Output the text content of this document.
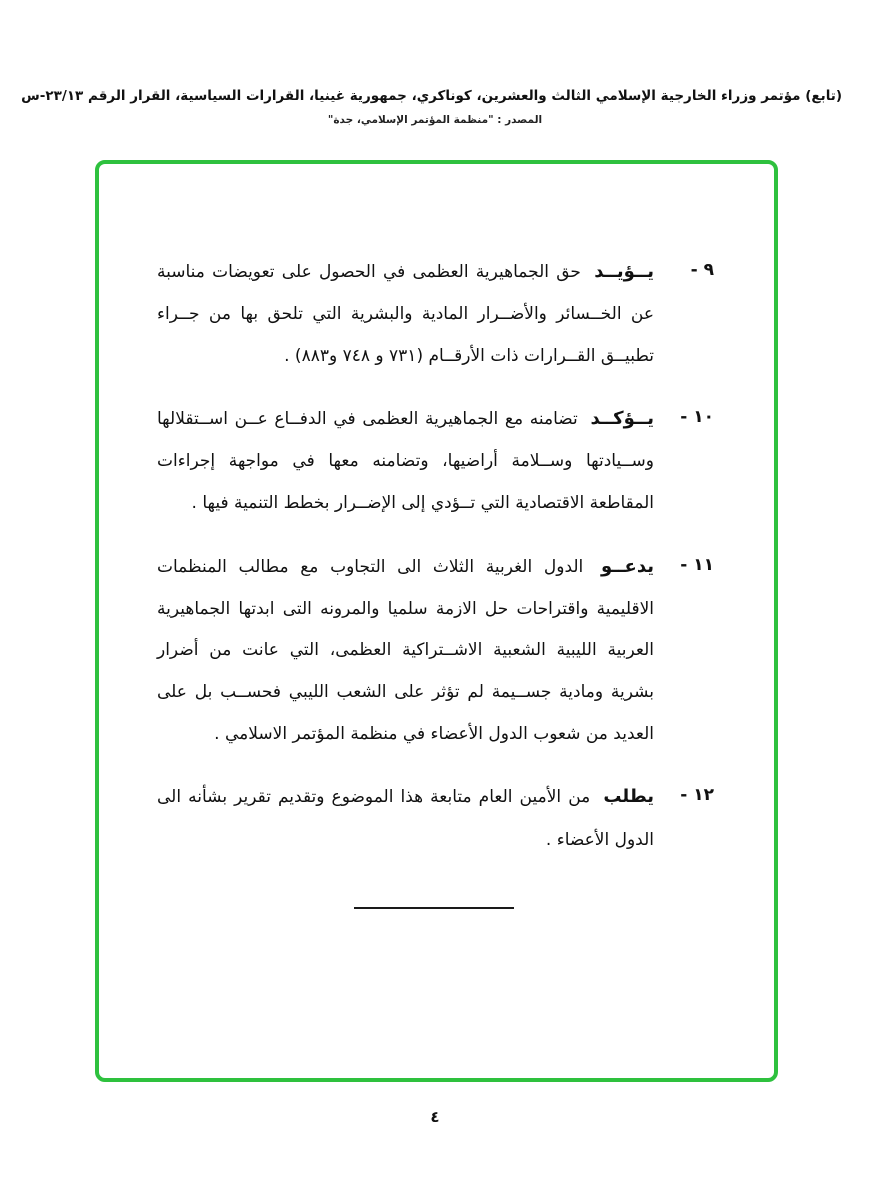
(تابع) مؤتمر وزراء الخارجية الإسلامي الثالث والعشرين، كوناكري، جمهورية غينيا، القرارات السياسية، القرار الرقم ٢٣/١٣-س
المصدر : "منظمة المؤتمر الإسلامي، جدة"
٩ -
يــؤيــد حق الجماهيرية العظمى في الحصول على تعويضات مناسبة عن الخــسائر والأضــرار المادية والبشرية التي تلحق بها من جــراء تطبيــق القــرارات ذات الأرقــام (٧٣١ و ٧٤٨ و٨٨٣) .
١٠ -
يــؤكــد تضامنه مع الجماهيرية العظمى في الدفــاع عــن اســتقلالها وســيادتها وســلامة أراضيها، وتضامنه معها في مواجهة إجراءات المقاطعة الاقتصادية التي تــؤدي إلى الإضــرار بخطط التنمية فيها .
١١ -
يدعــو الدول الغربية الثلاث الى التجاوب مع مطالب المنظمات الاقليمية واقتراحات حل الازمة سلميا والمرونه التى ابدتها الجماهيرية العربية الليبية الشعبية الاشــتراكية العظمى، التي عانت من أضرار بشرية ومادية جســيمة لم تؤثر على الشعب الليبي فحســب بل على العديد من شعوب الدول الأعضاء في منظمة المؤتمر الاسلامي .
١٢ -
يطلب من الأمين العام متابعة هذا الموضوع وتقديم تقرير بشأنه الى الدول الأعضاء .
٤
